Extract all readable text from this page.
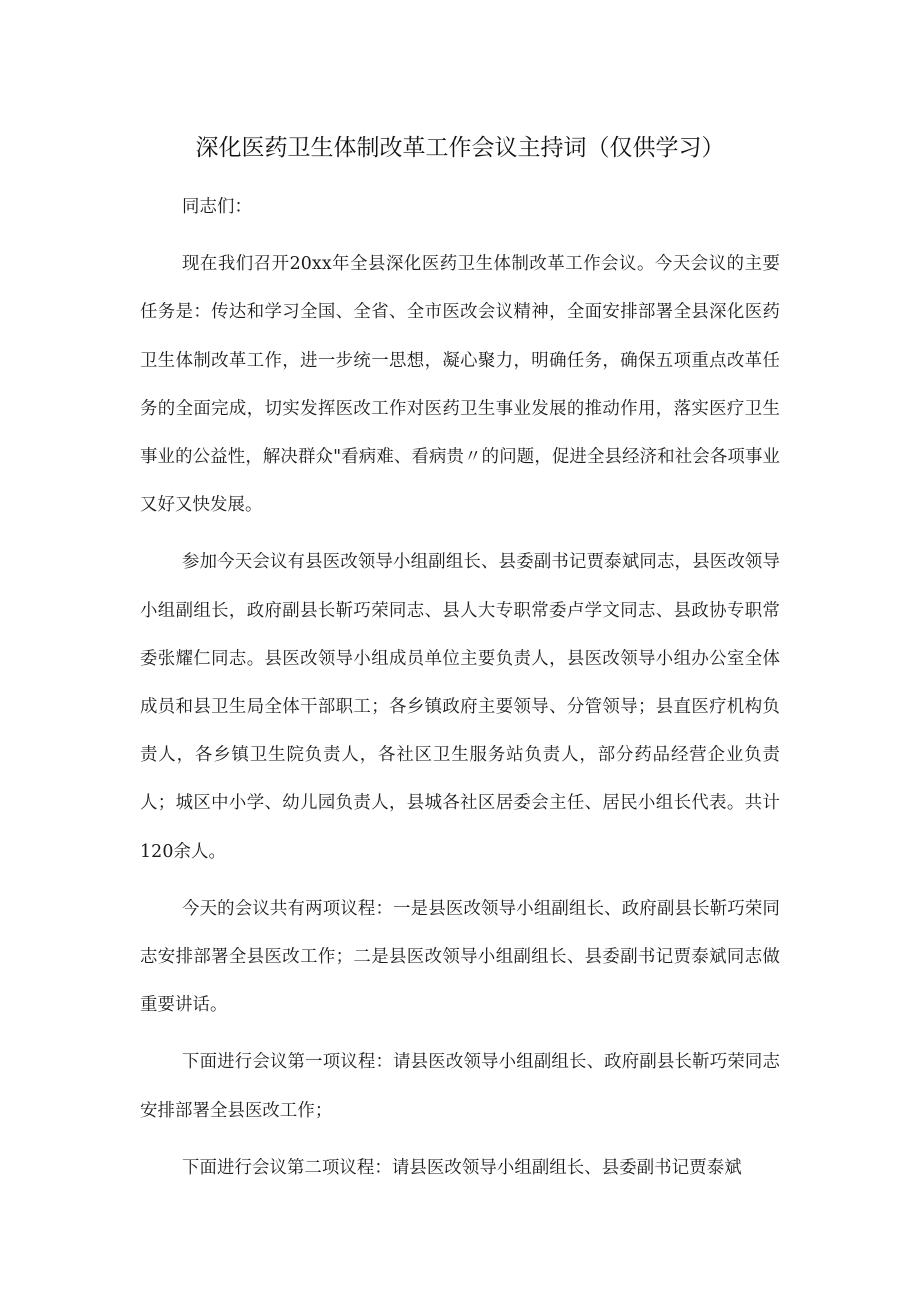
深化医药卫生体制改革工作会议主持词（仅供学习）

同志们：

现在我们召开20xx年全县深化医药卫生体制改革工作会议。今天会议的主要任务是：传达和学习全国、全省、全市医改会议精神，全面安排部署全县深化医药卫生体制改革工作，进一步统一思想，凝心聚力，明确任务，确保五项重点改革任务的全面完成，切实发挥医改工作对医药卫生事业发展的推动作用，落实医疗卫生事业的公益性，解决群众"看病难、看病贵〃的问题，促进全县经济和社会各项事业又好又快发展。

参加今天会议有县医改领导小组副组长、县委副书记贾泰斌同志，县医改领导小组副组长，政府副县长靳巧荣同志、县人大专职常委卢学文同志、县政协专职常委张耀仁同志。县医改领导小组成员单位主要负责人，县医改领导小组办公室全体成员和县卫生局全体干部职工；各乡镇政府主要领导、分管领导；县直医疗机构负责人，各乡镇卫生院负责人，各社区卫生服务站负责人，部分药品经营企业负责人；城区中小学、幼儿园负责人，县城各社区居委会主任、居民小组长代表。共计120余人。

今天的会议共有两项议程：一是县医改领导小组副组长、政府副县长靳巧荣同志安排部署全县医改工作；二是县医改领导小组副组长、县委副书记贾泰斌同志做重要讲话。

下面进行会议第一项议程：请县医改领导小组副组长、政府副县长靳巧荣同志安排部署全县医改工作；

下面进行会议第二项议程：请县医改领导小组副组长、县委副书记贾泰斌
